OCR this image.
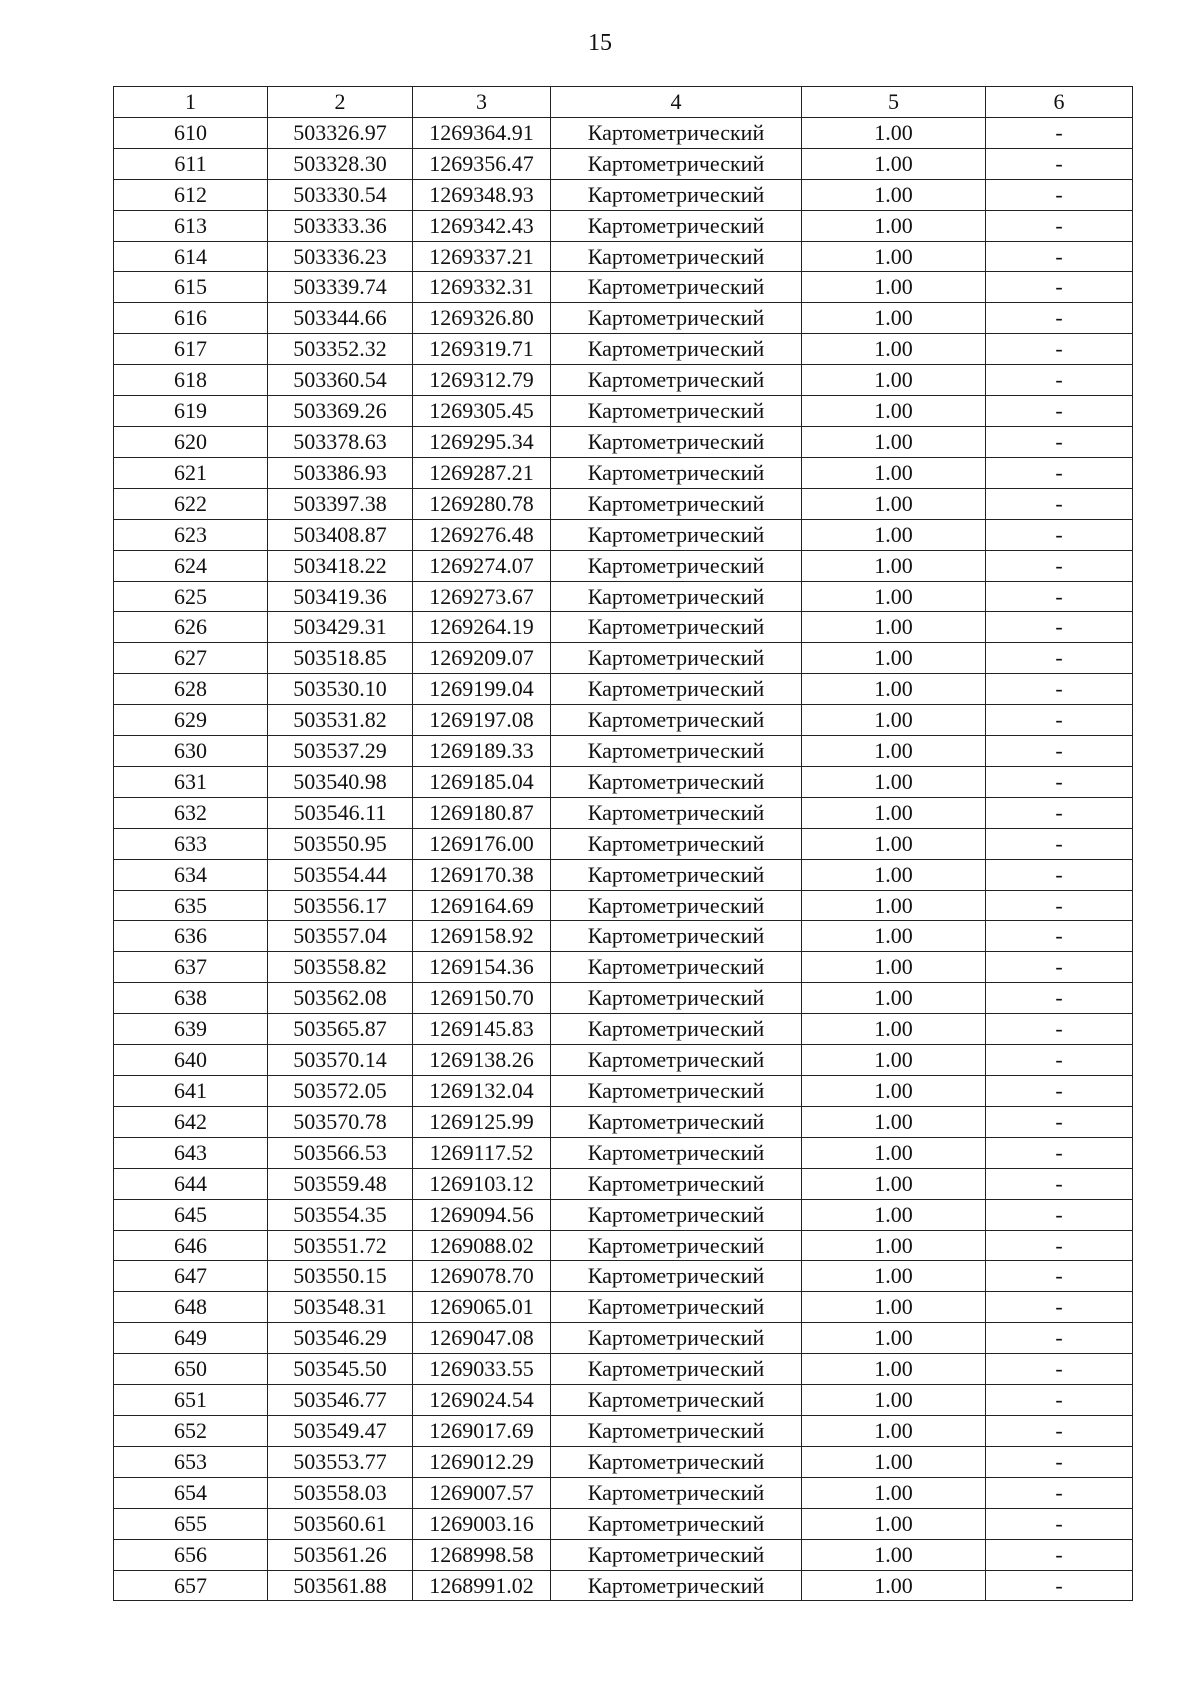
15
1	2	3	4	5	6
610	503326.97	1269364.91	Картометрический	1.00	-
611	503328.30	1269356.47	Картометрический	1.00	-
612	503330.54	1269348.93	Картометрический	1.00	-
613	503333.36	1269342.43	Картометрический	1.00	-
614	503336.23	1269337.21	Картометрический	1.00	-
615	503339.74	1269332.31	Картометрический	1.00	-
616	503344.66	1269326.80	Картометрический	1.00	-
617	503352.32	1269319.71	Картометрический	1.00	-
618	503360.54	1269312.79	Картометрический	1.00	-
619	503369.26	1269305.45	Картометрический	1.00	-
620	503378.63	1269295.34	Картометрический	1.00	-
621	503386.93	1269287.21	Картометрический	1.00	-
622	503397.38	1269280.78	Картометрический	1.00	-
623	503408.87	1269276.48	Картометрический	1.00	-
624	503418.22	1269274.07	Картометрический	1.00	-
625	503419.36	1269273.67	Картометрический	1.00	-
626	503429.31	1269264.19	Картометрический	1.00	-
627	503518.85	1269209.07	Картометрический	1.00	-
628	503530.10	1269199.04	Картометрический	1.00	-
629	503531.82	1269197.08	Картометрический	1.00	-
630	503537.29	1269189.33	Картометрический	1.00	-
631	503540.98	1269185.04	Картометрический	1.00	-
632	503546.11	1269180.87	Картометрический	1.00	-
633	503550.95	1269176.00	Картометрический	1.00	-
634	503554.44	1269170.38	Картометрический	1.00	-
635	503556.17	1269164.69	Картометрический	1.00	-
636	503557.04	1269158.92	Картометрический	1.00	-
637	503558.82	1269154.36	Картометрический	1.00	-
638	503562.08	1269150.70	Картометрический	1.00	-
639	503565.87	1269145.83	Картометрический	1.00	-
640	503570.14	1269138.26	Картометрический	1.00	-
641	503572.05	1269132.04	Картометрический	1.00	-
642	503570.78	1269125.99	Картометрический	1.00	-
643	503566.53	1269117.52	Картометрический	1.00	-
644	503559.48	1269103.12	Картометрический	1.00	-
645	503554.35	1269094.56	Картометрический	1.00	-
646	503551.72	1269088.02	Картометрический	1.00	-
647	503550.15	1269078.70	Картометрический	1.00	-
648	503548.31	1269065.01	Картометрический	1.00	-
649	503546.29	1269047.08	Картометрический	1.00	-
650	503545.50	1269033.55	Картометрический	1.00	-
651	503546.77	1269024.54	Картометрический	1.00	-
652	503549.47	1269017.69	Картометрический	1.00	-
653	503553.77	1269012.29	Картометрический	1.00	-
654	503558.03	1269007.57	Картометрический	1.00	-
655	503560.61	1269003.16	Картометрический	1.00	-
656	503561.26	1268998.58	Картометрический	1.00	-
657	503561.88	1268991.02	Картометрический	1.00	-
